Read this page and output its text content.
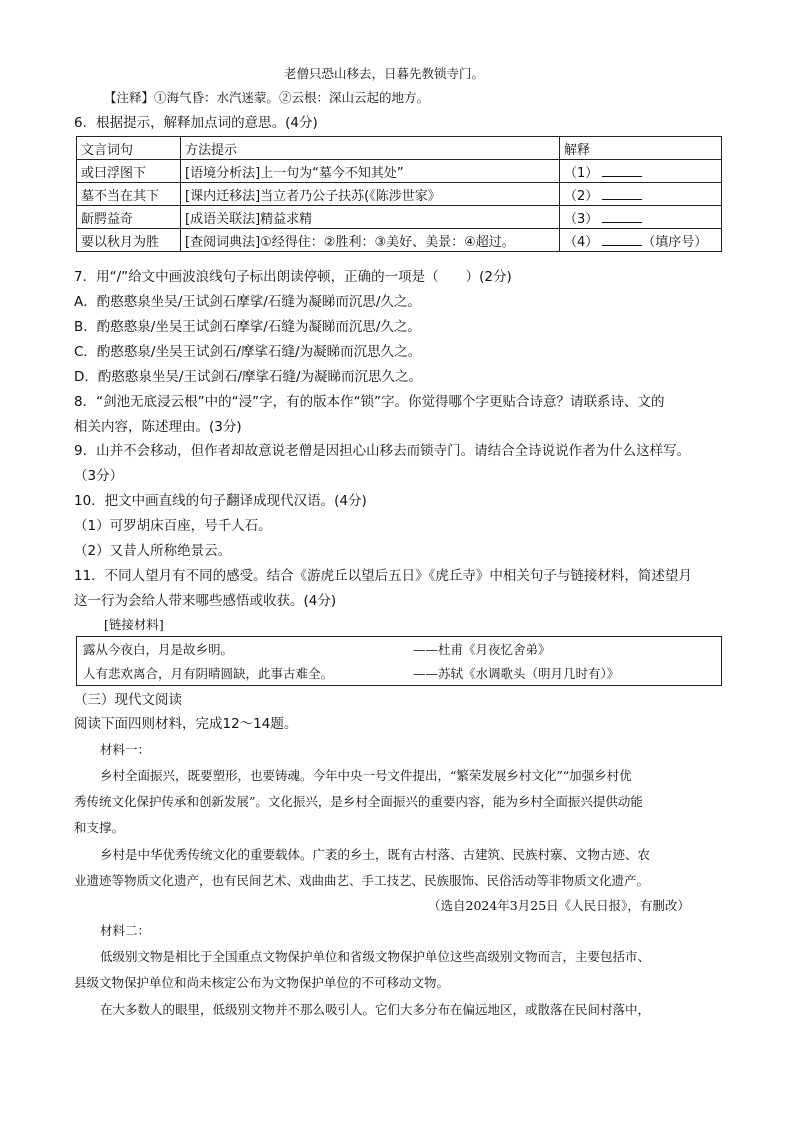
老僧只恐山移去，日暮先教锁寺门。
【注释】①海气昏：水汽迷蒙。②云根：深山云起的地方。
6．根据提示，解释加点词的意思。(4分)
文言词句	方法提示	解释
或曰浮图下	[语境分析法]上一句为“墓今不知其处”	（1）
墓不当在其下	[课内迁移法]当立者乃公子扶苏(《陈涉世家》	（2）
龂腭益奇	[成语关联法]精益求精	（3）
要以秋月为胜	[查阅词典法]①经得住：②胜利：③美好、美景：④超过。	（4） （填序号）
7．用“/”给文中画波浪线句子标出朗读停顿，正确的一项是（　　）(2分)
A．酌憨憨泉坐吴/王试剑石摩挲/石缝为凝睇而沉思/久之。
B．酌憨憨泉/坐吴王试剑石摩挲/石缝为凝睇而沉思/久之。
C．酌憨憨泉/坐吴王试剑石/摩挲石缝/为凝睇而沉思久之。
D．酌憨憨泉坐吴/王试剑石/摩挲石缝/为凝睇而沉思久之。
8．“剑池无底浸云根”中的“浸”字，有的版本作“锁”字。你觉得哪个字更贴合诗意？请联系诗、文的
相关内容，陈述理由。(3分)
9．山并不会移动，但作者却故意说老僧是因担心山移去而锁寺门。请结合全诗说说作者为什么这样写。
（3分）
10．把文中画直线的句子翻译成现代汉语。(4分)
（1）可罗胡床百座，号千人石。
（2）又昔人所称绝景云。
11．不同人望月有不同的感受。结合《游虎丘以望后五日》《虎丘寺》中相关句子与链接材料，简述望月
这一行为会给人带来哪些感悟或收获。(4分)
[链接材料]
露从今夜白，月是故乡明。	——杜甫《月夜忆舍弟》
人有悲欢离合，月有阴晴圆缺，此事古难全。	——苏轼《水调歌头（明月几时有）》
（三）现代文阅读
阅读下面四则材料，完成12～14题。
材料一：
乡村全面振兴，既要塑形，也要铸魂。今年中央一号文件提出，“繁荣发展乡村文化”“加强乡村优
秀传统文化保护传承和创新发展”。文化振兴，是乡村全面振兴的重要内容，能为乡村全面振兴提供动能
和支撑。
乡村是中华优秀传统文化的重要载体。广袤的乡土，既有古村落、古建筑、民族村寨、文物古迹、农
业遗迹等物质文化遗产，也有民间艺术、戏曲曲艺、手工技艺、民族服饰、民俗活动等非物质文化遗产。
（选自2024年3月25日《人民日报》，有删改）
材料二：
低级别文物是相比于全国重点文物保护单位和省级文物保护单位这些高级别文物而言，主要包括市、
县级文物保护单位和尚未核定公布为文物保护单位的不可移动文物。
在大多数人的眼里，低级别文物并不那么吸引人。它们大多分布在偏远地区，或散落在民间村落中，
